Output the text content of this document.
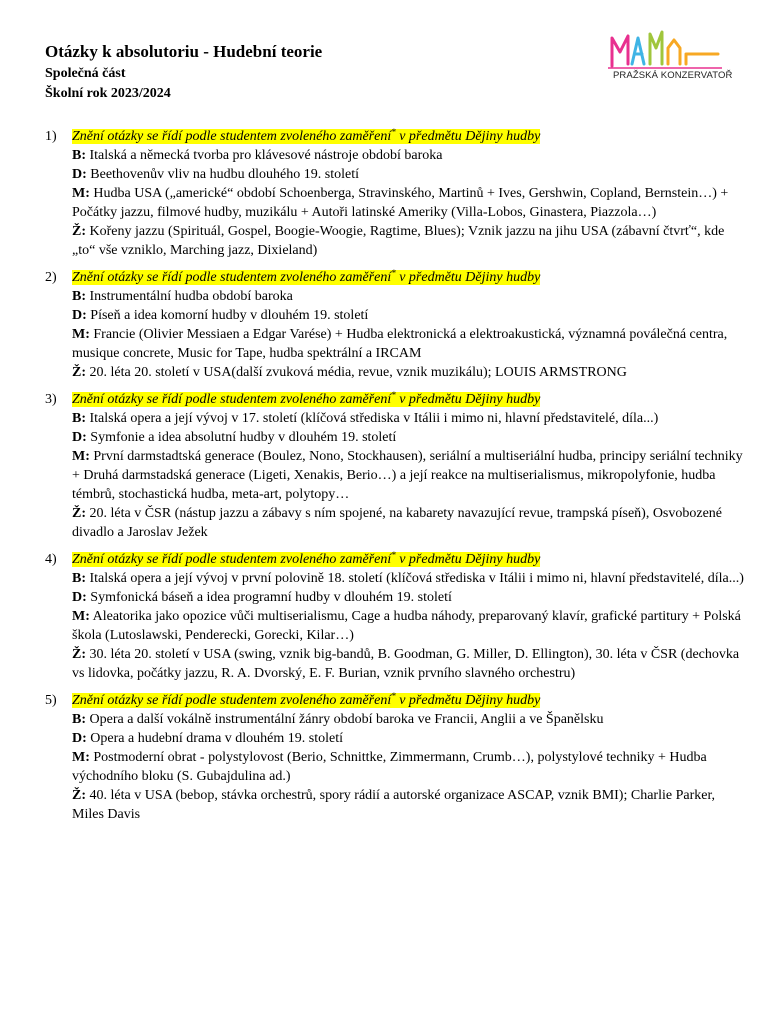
Otázky k absolutoriu - Hudební teorie
Společná část
Školní rok 2023/2024
PRAŽSKÁ KONZERVATOŘ
1) Znění otázky se řídí podle studentem zvoleného zaměření* v předmětu Dějiny hudby
B: Italská a německá tvorba pro klávesové nástroje období baroka
D: Beethovenův vliv na hudbu dlouhého 19. století
M: Hudba USA („americké“ období Schoenberga, Stravinského, Martinů + Ives, Gershwin, Copland, Bernstein…) + Počátky jazzu, filmové hudby, muzikálu + Autoři latinské Ameriky (Villa-Lobos, Ginastera, Piazzola…)
Ž: Kořeny jazzu (Spirituál, Gospel, Boogie-Woogie, Ragtime, Blues); Vznik jazzu na jihu USA (zábavní čtvrť“, kde „to“ vše vzniklo, Marching jazz, Dixieland)
2) Znění otázky se řídí podle studentem zvoleného zaměření* v předmětu Dějiny hudby
B: Instrumentální hudba období baroka
D: Píseň a idea komorní hudby v dlouhém 19. století
M: Francie (Olivier Messiaen a Edgar Varése) + Hudba elektronická a elektroakustická, významná poválečná centra, musique concrete, Music for Tape, hudba spektrální a IRCAM
Ž: 20. léta 20. století v USA(další zvuková média, revue, vznik muzikálu); LOUIS ARMSTRONG
3) Znění otázky se řídí podle studentem zvoleného zaměření* v předmětu Dějiny hudby
B: Italská opera a její vývoj v 17. století (klíčová střediska v Itálii i mimo ni, hlavní představitelé, díla...)
D: Symfonie a idea absolutní hudby v dlouhém 19. století
M: První darmstadtská generace (Boulez, Nono, Stockhausen), seriální a multiseriální hudba, principy seriální techniky + Druhá darmstadská generace (Ligeti, Xenakis, Berio…) a její reakce na multiserialismus, mikropolyfonie, hudba témbrů, stochastická hudba, meta-art, polytopy…
Ž: 20. léta v ČSR (nástup jazzu a zábavy s ním spojené, na kabarety navazující revue, trampská píseň), Osvobozené divadlo a Jaroslav Ježek
4) Znění otázky se řídí podle studentem zvoleného zaměření* v předmětu Dějiny hudby
B: Italská opera a její vývoj v první polovině 18. století (klíčová střediska v Itálii i mimo ni, hlavní představitelé, díla...)
D: Symfonická báseň a idea programní hudby v dlouhém 19. století
M: Aleatorika jako opozice vůči multiserialismu, Cage a hudba náhody, preparovaný klavír, grafické partitury + Polská škola (Lutoslawski, Penderecki, Gorecki, Kilar…)
Ž: 30. léta 20. století v USA (swing, vznik big-bandů, B. Goodman, G. Miller, D. Ellington), 30. léta v ČSR (dechovka vs lidovka, počátky jazzu, R. A. Dvorský, E. F. Burian, vznik prvního slavného orchestru)
5) Znění otázky se řídí podle studentem zvoleného zaměření* v předmětu Dějiny hudby
B: Opera a další vokálně instrumentální žánry období baroka ve Francii, Anglii a ve Španělsku
D: Opera a hudební drama v dlouhém 19. století
M: Postmoderní obrat - polystylovost (Berio, Schnittke, Zimmermann, Crumb…), polystylové techniky + Hudba východního bloku (S. Gubajdulina ad.)
Ž: 40. léta v USA (bebop, stávka orchestrů, spory rádií a autorské organizace ASCAP, vznik BMI); Charlie Parker, Miles Davis
